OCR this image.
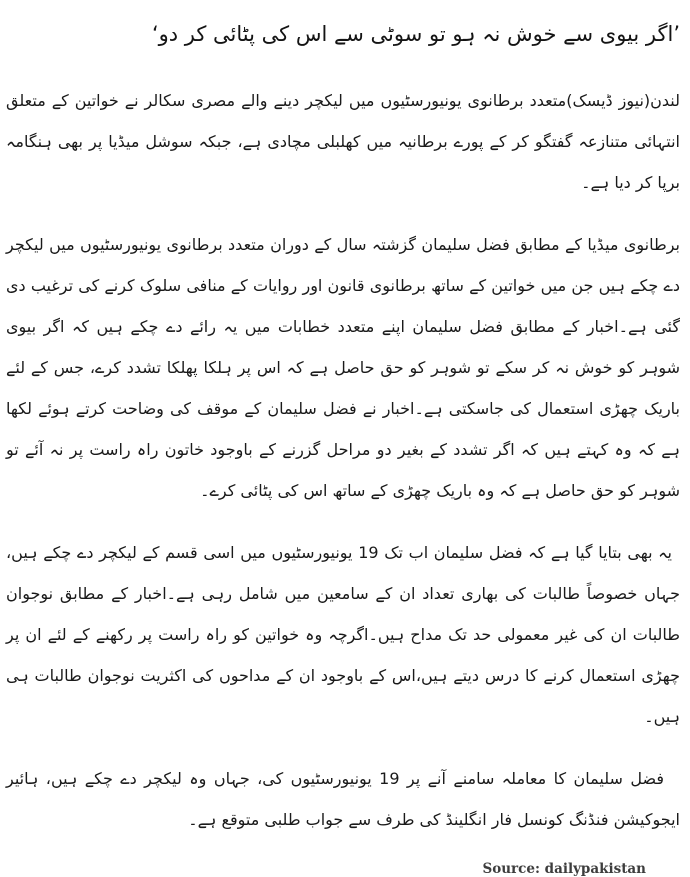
’اگر بیوی سے خوش نہ ہو تو سوٹی سے اس کی پٹائی کر دو‘

لندن(نیوز ڈیسک)متعدد برطانوی یونیورسٹیوں میں لیکچر دینے والے مصری سکالر نے خواتین کے متعلق انتہائی متنازعہ گفتگو کر کے پورے برطانیہ میں کھلبلی مچادی ہے، جبکہ سوشل میڈیا پر بھی ہنگامہ برپا کر دیا ہے۔

برطانوی میڈیا کے مطابق فضل سلیمان گزشتہ سال کے دوران متعدد برطانوی یونیورسٹیوں میں لیکچر دے چکے ہیں جن میں خواتین کے ساتھ برطانوی قانون اور روایات کے منافی سلوک کرنے کی ترغیب دی گئی ہے۔اخبار کے مطابق فضل سلیمان اپنے متعدد خطابات میں یہ رائے دے چکے ہیں کہ اگر بیوی شوہر کو خوش نہ کر سکے تو شوہر کو حق حاصل ہے کہ اس پر ہلکا پھلکا تشدد کرے، جس کے لئے باریک چھڑی استعمال کی جاسکتی ہے۔اخبار نے فضل سلیمان کے موقف کی وضاحت کرتے ہوئے لکھا ہے کہ وہ کہتے ہیں کہ اگر تشدد کے بغیر دو مراحل گزرنے کے باوجود خاتون راہ راست پر نہ آئے تو شوہر کو حق حاصل ہے کہ وہ باریک چھڑی کے ساتھ اس کی پٹائی کرے۔

یہ بھی بتایا گیا ہے کہ فضل سلیمان اب تک 19 یونیورسٹیوں میں اسی قسم کے لیکچر دے چکے ہیں، جہاں خصوصاً طالبات کی بھاری تعداد ان کے سامعین میں شامل رہی ہے۔اخبار کے مطابق نوجوان طالبات ان کی غیر معمولی حد تک مداح ہیں۔اگرچہ وہ خواتین کو راہ راست پر رکھنے کے لئے ان پر چھڑی استعمال کرنے کا درس دیتے ہیں،اس کے باوجود ان کے مداحوں کی اکثریت نوجوان طالبات ہی ہیں۔

فضل سلیمان کا معاملہ سامنے آنے پر 19 یونیورسٹیوں کی، جہاں وہ لیکچر دے چکے ہیں، ہائیر ایجوکیشن فنڈنگ کونسل فار انگلینڈ کی طرف سے جواب طلبی متوقع ہے۔

Source: dailypakistan
